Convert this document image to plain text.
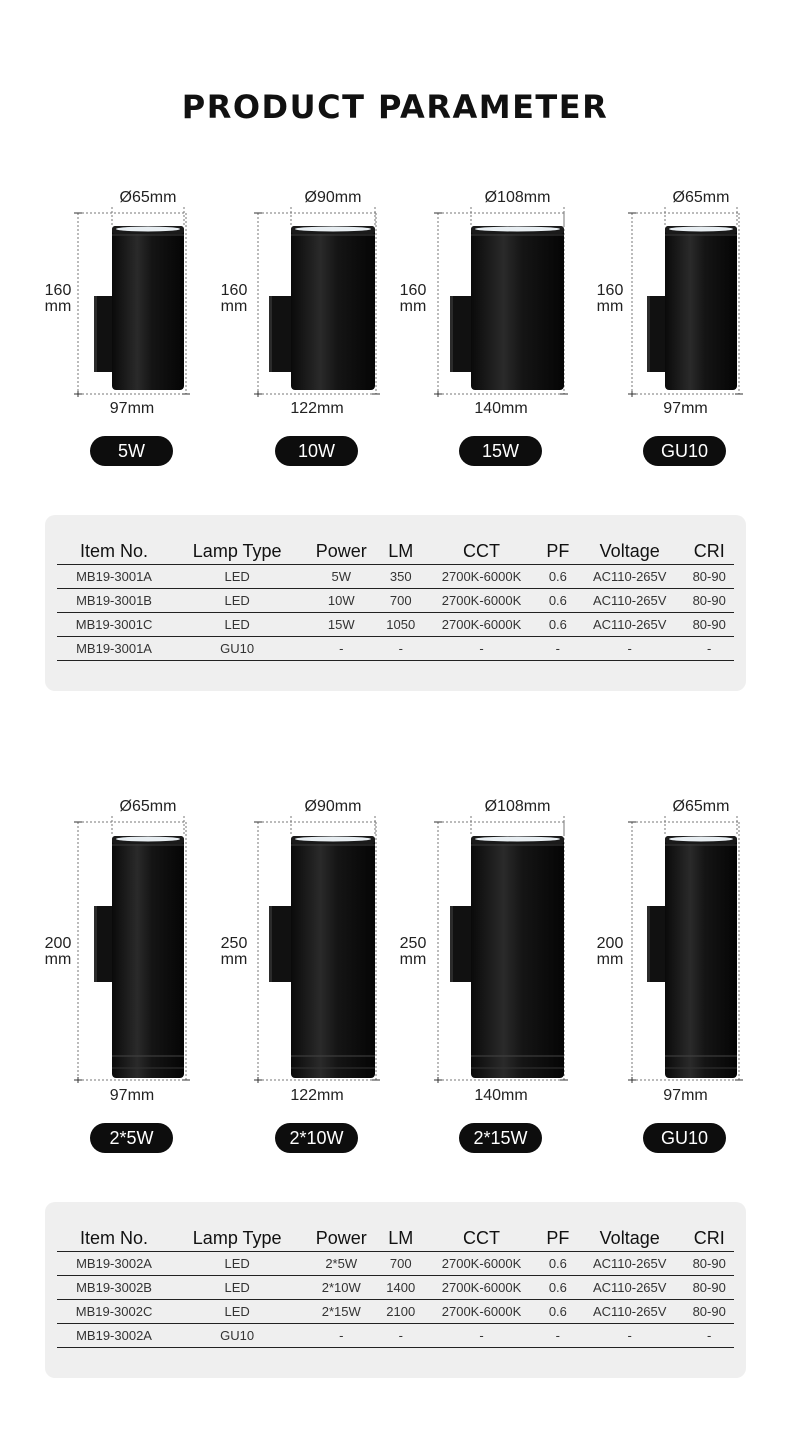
PRODUCT PARAMETER
Ø65mm
160
mm
97mm
5W
Ø90mm
160
mm
122mm
10W
Ø108mm
160
mm
140mm
15W
Ø65mm
160
mm
97mm
GU10
Item No.	Lamp Type	Power	LM	CCT	PF	Voltage	CRI
MB19-3001A	LED	5W	350	2700K-6000K	0.6	AC110-265V	80-90
MB19-3001B	LED	10W	700	2700K-6000K	0.6	AC110-265V	80-90
MB19-3001C	LED	15W	1050	2700K-6000K	0.6	AC110-265V	80-90
MB19-3001A	GU10	-	-	-	-	-	-
Ø65mm
200
mm
97mm
2*5W
Ø90mm
250
mm
122mm
2*10W
Ø108mm
250
mm
140mm
2*15W
Ø65mm
200
mm
97mm
GU10
Item No.	Lamp Type	Power	LM	CCT	PF	Voltage	CRI
MB19-3002A	LED	2*5W	700	2700K-6000K	0.6	AC110-265V	80-90
MB19-3002B	LED	2*10W	1400	2700K-6000K	0.6	AC110-265V	80-90
MB19-3002C	LED	2*15W	2100	2700K-6000K	0.6	AC110-265V	80-90
MB19-3002A	GU10	-	-	-	-	-	-
